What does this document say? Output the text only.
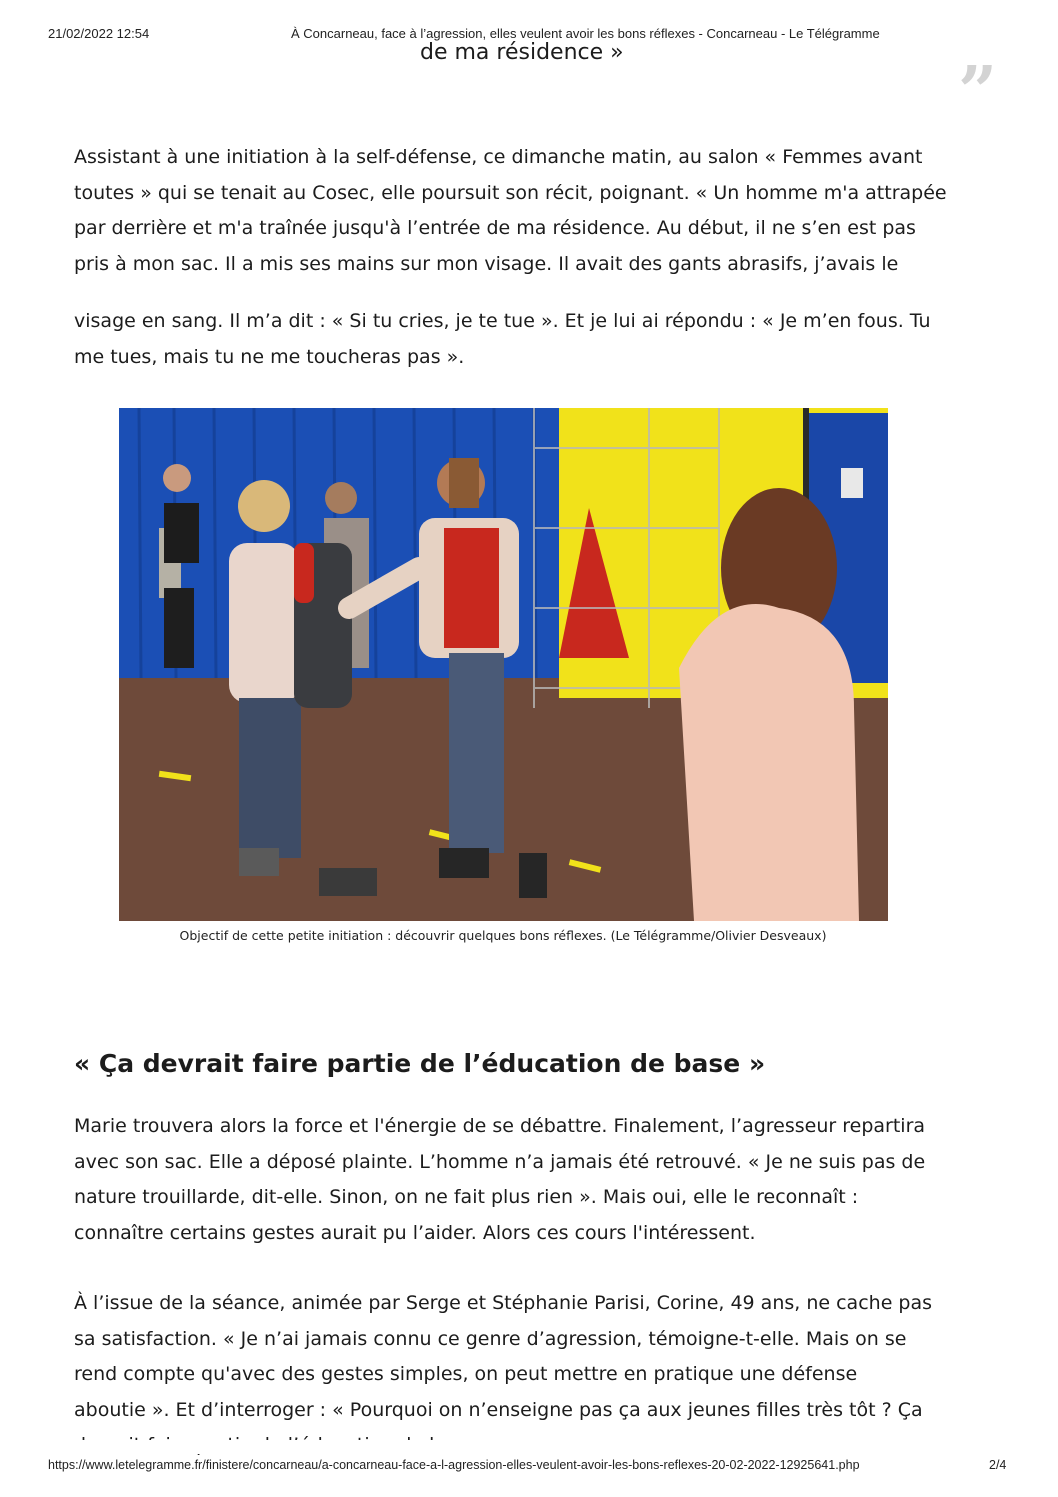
21/02/2022 12:54	À Concarneau, face à l’agression, elles veulent avoir les bons réflexes - Concarneau - Le Télégramme
de ma résidence »	”

Assistant à une initiation à la self-défense, ce dimanche matin, au salon « Femmes avant
toutes » qui se tenait au Cosec, elle poursuit son récit, poignant. « Un homme m'a attrapée
par derrière et m'a traînée jusqu'à l’entrée de ma résidence. Au début, il ne s’en est pas
pris à mon sac. Il a mis ses mains sur mon visage. Il avait des gants abrasifs, j’avais le

visage en sang. Il m’a dit : « Si tu cries, je te tue ». Et je lui ai répondu : « Je m’en fous. Tu
me tues, mais tu ne me toucheras pas ».

Objectif de cette petite initiation : découvrir quelques bons réflexes. (Le Télégramme/Olivier Desveaux)
« Ça devrait faire partie de l’éducation de base »

Marie trouvera alors la force et l'énergie de se débattre. Finalement, l’agresseur repartira
avec son sac. Elle a déposé plainte. L’homme n’a jamais été retrouvé. « Je ne suis pas de
nature trouillarde, dit-elle. Sinon, on ne fait plus rien ». Mais oui, elle le reconnaît :
connaître certains gestes aurait pu l’aider. Alors ces cours l'intéressent.

À l’issue de la séance, animée par Serge et Stéphanie Parisi, Corine, 49 ans, ne cache pas
sa satisfaction. « Je n’ai jamais connu ce genre d’agression, témoigne-t-elle. Mais on se
rend compte qu'avec des gestes simples, on peut mettre en pratique une défense
aboutie ». Et d’interroger : « Pourquoi on n’enseigne pas ça aux jeunes filles très tôt ? Ça

https://www.letelegramme.fr/finistere/concarneau/a-concarneau-face-a-l-agression-elles-veulent-avoir-les-bons-reflexes-20-02-2022-12925641.php	2/4
